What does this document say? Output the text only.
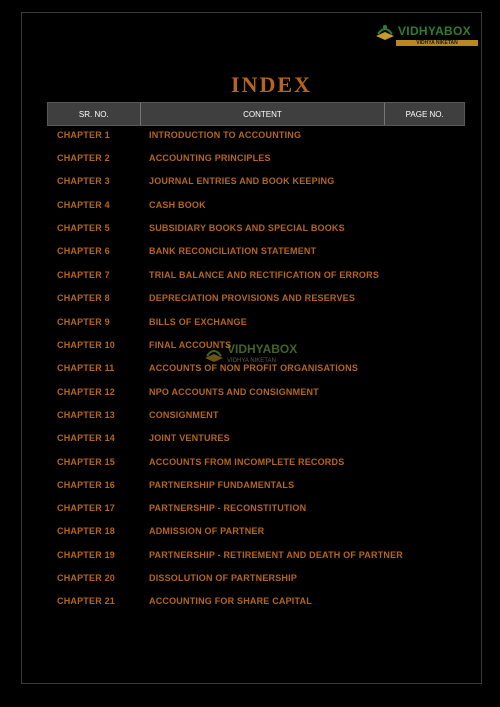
VIDHYABOX
VIDHYA NIKETAN
INDEX
SR. NO.	CONTENT	PAGE NO.
CHAPTER 1	INTRODUCTION TO ACCOUNTING
CHAPTER 2	ACCOUNTING PRINCIPLES
CHAPTER 3	JOURNAL ENTRIES AND BOOK KEEPING
CHAPTER 4	CASH BOOK
CHAPTER 5	SUBSIDIARY BOOKS AND SPECIAL BOOKS
CHAPTER 6	BANK RECONCILIATION STATEMENT
CHAPTER 7	TRIAL BALANCE AND RECTIFICATION OF ERRORS
CHAPTER 8	DEPRECIATION PROVISIONS AND RESERVES
CHAPTER 9	BILLS OF EXCHANGE
CHAPTER 10	FINAL ACCOUNTS
CHAPTER 11	ACCOUNTS OF NON PROFIT ORGANISATIONS
CHAPTER 12	NPO ACCOUNTS AND CONSIGNMENT
CHAPTER 13	CONSIGNMENT
CHAPTER 14	JOINT VENTURES
CHAPTER 15	ACCOUNTS FROM INCOMPLETE RECORDS
CHAPTER 16	PARTNERSHIP FUNDAMENTALS
CHAPTER 17	PARTNERSHIP - RECONSTITUTION
CHAPTER 18	ADMISSION OF PARTNER
CHAPTER 19	PARTNERSHIP - RETIREMENT AND DEATH OF PARTNER
CHAPTER 20	DISSOLUTION OF PARTNERSHIP
CHAPTER 21	ACCOUNTING FOR SHARE CAPITAL
VIDHYABOX
VIDHYA NIKETAN
